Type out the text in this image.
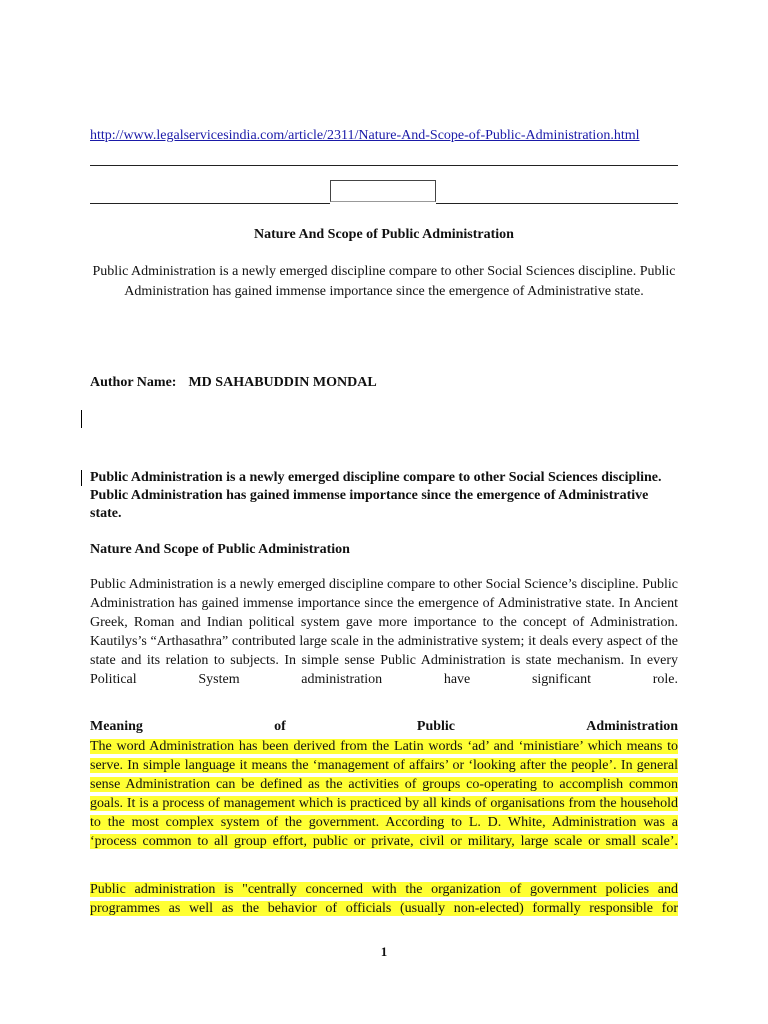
http://www.legalservicesindia.com/article/2311/Nature-And-Scope-of-Public-Administration.html
Nature And Scope of Public Administration
Public Administration is a newly emerged discipline compare to other Social Sciences discipline. Public Administration has gained immense importance since the emergence of Administrative state.
Author Name: MD SAHABUDDIN MONDAL
Public Administration is a newly emerged discipline compare to other Social Sciences discipline. Public Administration has gained immense importance since the emergence of Administrative state.
Nature And Scope of Public Administration
Public Administration is a newly emerged discipline compare to other Social Science’s discipline. Public Administration has gained immense importance since the emergence of Administrative state. In Ancient Greek, Roman and Indian political system gave more importance to the concept of Administration. Kautilys’s “Arthasathra” contributed large scale in the administrative system; it deals every aspect of the state and its relation to subjects. In simple sense Public Administration is state mechanism. In every Political System administration have significant role.
Meaning	of	Public	Administration
The word Administration has been derived from the Latin words ‘ad’ and ‘ministiare’ which means to serve. In simple language it means the ‘management of affairs’ or ‘looking after the people’. In general sense Administration can be defined as the activities of groups co-operating to accomplish common goals. It is a process of management which is practiced by all kinds of organisations from the household to the most complex system of the government. According to L. D. White, Administration was a ‘process common to all group effort, public or private, civil or military, large scale or small scale’.
Public administration is "centrally concerned with the organization of government policies and programmes as well as the behavior of officials (usually non-elected) formally responsible for
1
